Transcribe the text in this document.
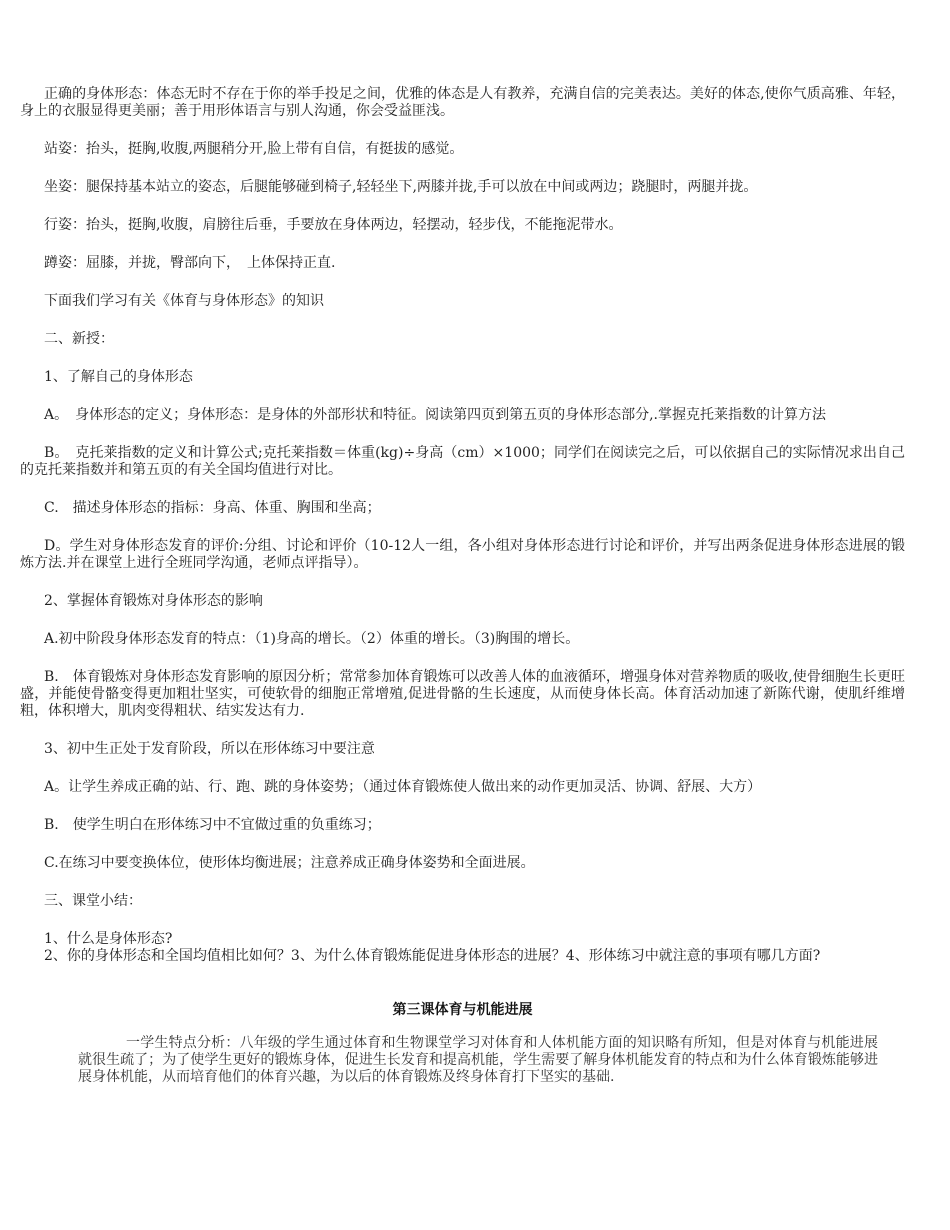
正确的身体形态：体态无时不存在于你的举手投足之间，优雅的体态是人有教养，充满自信的完美表达。美好的体态,使你气质高雅、年轻，身上的衣服显得更美丽；善于用形体语言与别人沟通，你会受益匪浅。

站姿：抬头，挺胸,收腹,两腿稍分开,脸上带有自信，有挺拔的感觉。

坐姿：腿保持基本站立的姿态，后腿能够碰到椅子,轻轻坐下,两膝并拢,手可以放在中间或两边；跷腿时，两腿并拢。

行姿：抬头，挺胸,收腹，肩膀往后垂，手要放在身体两边，轻摆动，轻步伐，不能拖泥带水。

蹲姿：屈膝，并拢，臀部向下，　上体保持正直.

下面我们学习有关《体育与身体形态》的知识

二、新授：

1、了解自己的身体形态

A。　身体形态的定义；身体形态：是身体的外部形状和特征。阅读第四页到第五页的身体形态部分,.掌握克托莱指数的计算方法

B。　克托莱指数的定义和计算公式;克托莱指数＝体重(kg)÷身高（cm）×1000；同学们在阅读完之后，可以依据自己的实际情况求出自己的克托莱指数并和第五页的有关全国均值进行对比。

C.　描述身体形态的指标：身高、体重、胸围和坐高；

D。学生对身体形态发育的评价:分组、讨论和评价（10-12人一组，各小组对身体形态进行讨论和评价，并写出两条促进身体形态进展的锻炼方法.并在课堂上进行全班同学沟通，老师点评指导）。

2、掌握体育锻炼对身体形态的影响

A.初中阶段身体形态发育的特点：（1)身高的增长。（2）体重的增长。（3)胸围的增长。

B.　体育锻炼对身体形态发育影响的原因分析；常常参加体育锻炼可以改善人体的血液循环，增强身体对营养物质的吸收,使骨细胞生长更旺盛，并能使骨骼变得更加粗壮坚实，可使软骨的细胞正常增殖,促进骨骼的生长速度，从而使身体长高。体育活动加速了新陈代谢，使肌纤维增粗，体积增大，肌肉变得粗状、结实发达有力.

3、初中生正处于发育阶段，所以在形体练习中要注意

A。让学生养成正确的站、行、跑、跳的身体姿势；（通过体育锻炼使人做出来的动作更加灵活、协调、舒展、大方）

B.　使学生明白在形体练习中不宜做过重的负重练习；

C.在练习中要变换体位，使形体均衡进展；注意养成正确身体姿势和全面进展。

三、课堂小结：

1、什么是身体形态?

2、你的身体形态和全国均值相比如何？3、为什么体育锻炼能促进身体形态的进展？4、形体练习中就注意的事项有哪几方面?

第三课体育与机能进展

一学生特点分析：八年级的学生通过体育和生物课堂学习对体育和人体机能方面的知识略有所知，但是对体育与机能进展就很生疏了；为了使学生更好的锻炼身体，促进生长发育和提高机能，学生需要了解身体机能发育的特点和为什么体育锻炼能够进展身体机能，从而培育他们的体育兴趣，为以后的体育锻炼及终身体育打下坚实的基础.
